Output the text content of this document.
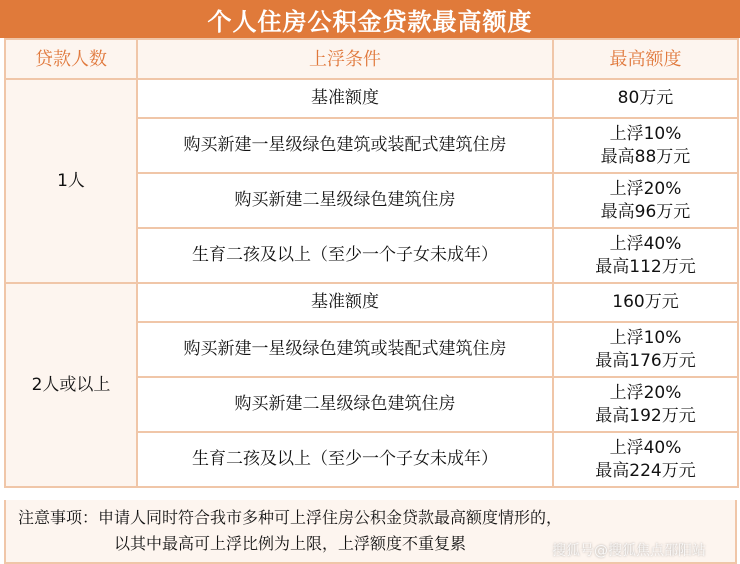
个人住房公积金贷款最高额度
贷款人数	上浮条件	最高额度
1人	基准额度	80万元

	购买新建一星级绿色建筑或装配式建筑住房	上浮10%
最高88万元

	购买新建二星级绿色建筑住房	上浮20%
最高96万元

	生育二孩及以上（至少一个子女未成年）	上浮40%
最高112万元

2人或以上	基准额度	160万元

	购买新建一星级绿色建筑或装配式建筑住房	上浮10%
最高176万元

	购买新建二星级绿色建筑住房	上浮20%
最高192万元

	生育二孩及以上（至少一个子女未成年）	上浮40%
最高224万元
注意事项：申请人同时符合我市多种可上浮住房公积金贷款最高额度情形的，
以其中最高可上浮比例为上限，上浮额度不重复累	搜狐号@搜狐焦点邵阳站
